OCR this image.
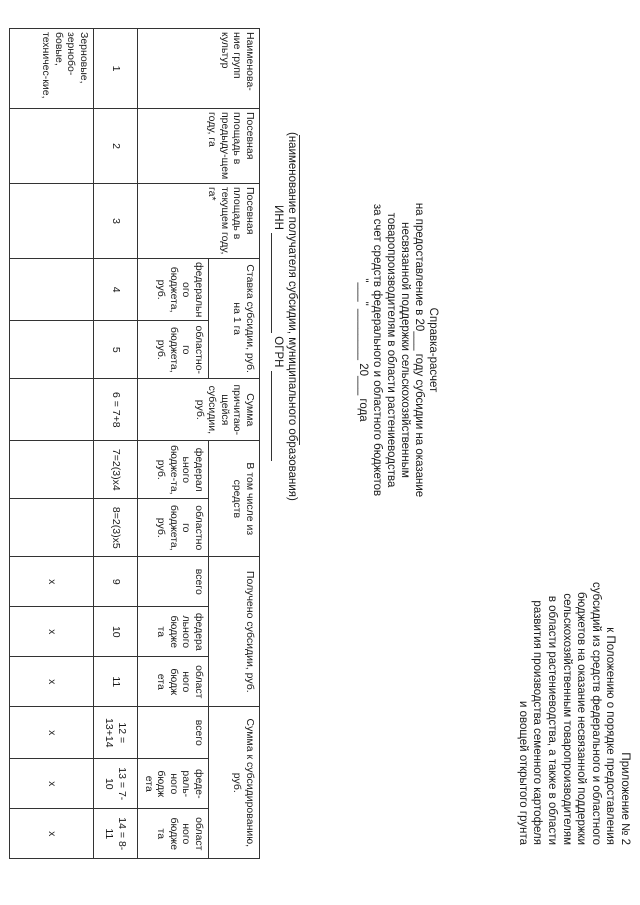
Приложение № 2
к Положению о порядке предоставления
субсидий из средств федерального и областного
бюджетов на оказание несвязанной поддержки
сельскохозяйственным товаропроизводителям
в области растениеводства, а также в области
развития производства семенного картофеля
и овощей открытого грунта
Справка-расчет
на предоставление в 20___ году субсидии на оказание
несвязанной поддержки сельскохозяйственным
товаропроизводителям в области растениеводства
за счет средств федерального и областного бюджетов
"___" ________ 20___ года
(наименование получателя субсидии, муниципального образования)
ИНН   ОГРН
Наименова-ние групп культур	Посевная площадь в предыду-щем году, га	Посевная площадь в текущем году, га*	Ставка субсидии, руб. на 1 га		Сумма причитаю-щейся субсидии, руб.	В том числе из средств		Получено субсидии, руб.			Сумма к субсидированию, руб.		
			федеральн ого бюджета, руб.	областно-го бюджета, руб.		федерал ьного бюдже-та, руб.	областно го бюджета, руб.	всего	федера льного бюдже та	област ного бюдж ета	всего	феде-раль-ного бюдж ета	област ного бюдже та
1	2	3	4	5	6 = 7+8	7=2(3)х4	8=2(3)х5	9	10	11	12 = 13+14	13 = 7-10	14 = 8-11
Зерновые, зернобо-бовые, техничес-кие,								х	х	х	х	х	х
